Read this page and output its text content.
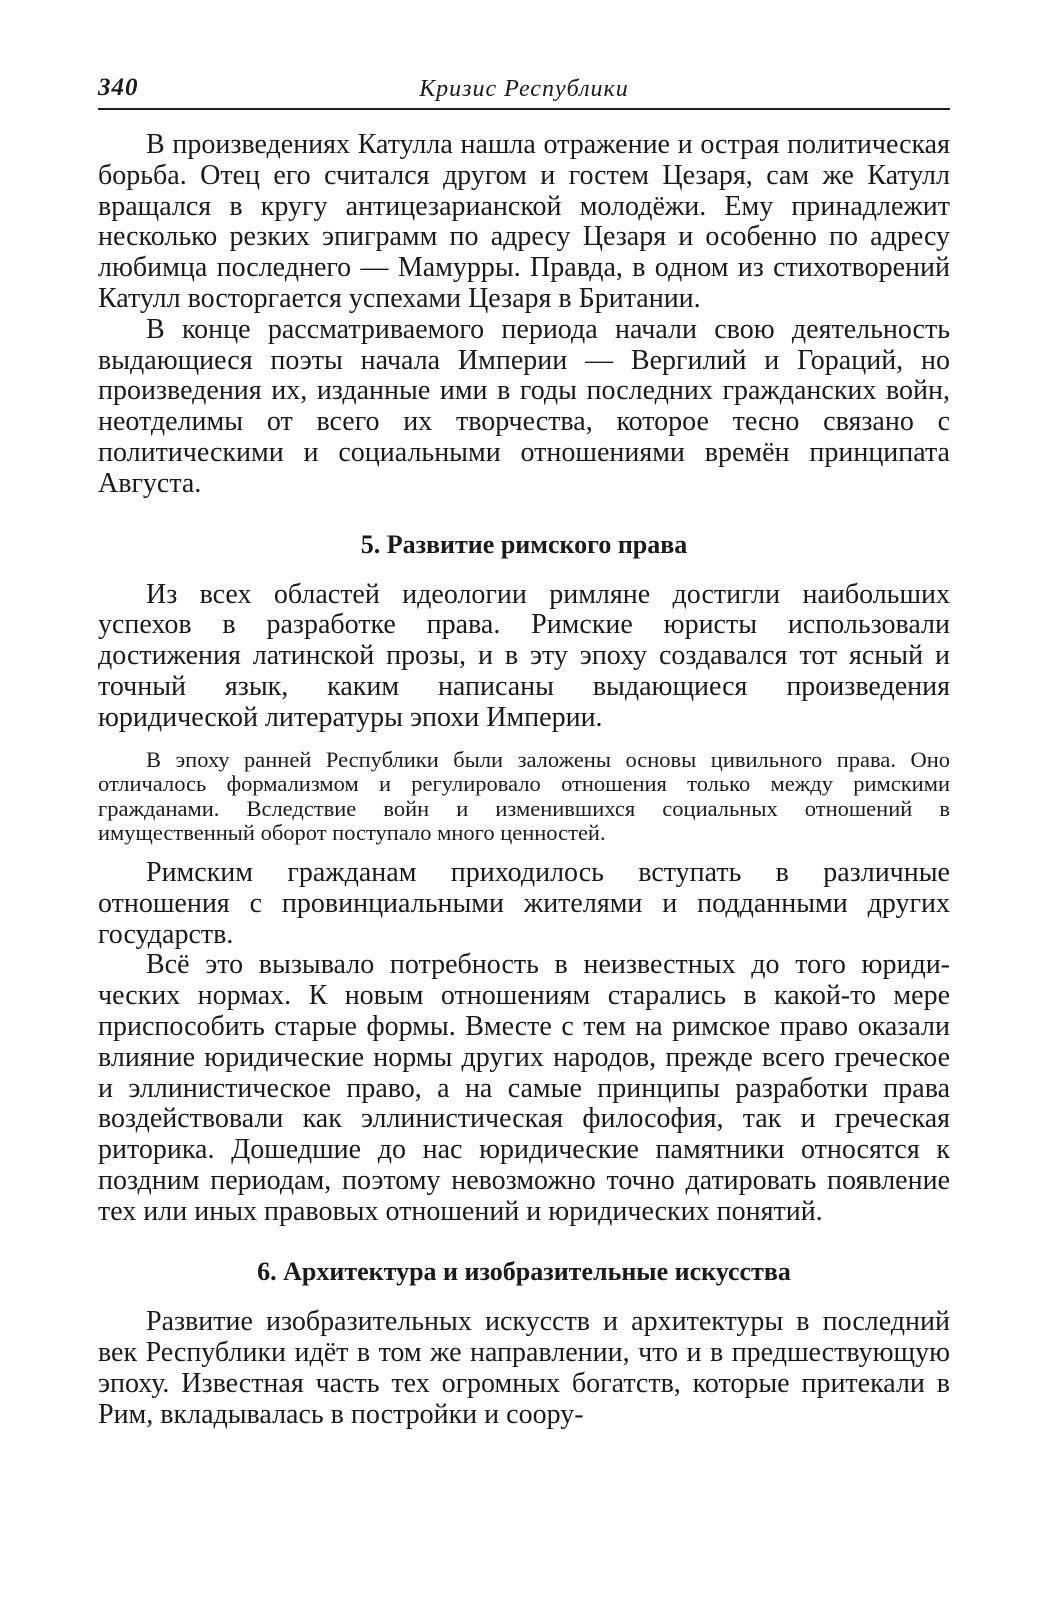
340	Кризис Республики

В произведениях Катулла нашла отражение и острая политическая борьба. Отец его считался другом и гостем Цезаря, сам же Катулл вращался в кругу антицезарианской молодёжи. Ему принадлежит несколько резких эпиграмм по адресу Цезаря и особенно по адресу любимца последнего — Мамурры. Правда, в одном из стихотворений Катулл восторгается успехами Цезаря в Британии.

В конце рассматриваемого периода начали свою деятельность выдающиеся поэты начала Империи — Вергилий и Гораций, но произведения их, изданные ими в годы последних гражданских войн, неотделимы от всего их творчества, которое тесно связано с политическими и социальными отношениями времён принципата Августа.

5. Развитие римского права

Из всех областей идеологии римляне достигли наибольших успехов в разработке права. Римские юристы использовали достижения латинской прозы, и в эту эпоху создавался тот ясный и точный язык, каким написаны выдающиеся произведения юридической литературы эпохи Империи.

В эпоху ранней Республики были заложены основы цивильного права. Оно отличалось формализмом и регулировало отношения только между римскими гражданами. Вследствие войн и изменившихся социальных отношений в имущественный оборот поступало много ценностей.

Римским гражданам приходилось вступать в различные отношения с провинциальными жителями и подданными других государств.

Всё это вызывало потребность в неизвестных до того юридических нормах. К новым отношениям старались в какой-то мере приспособить старые формы. Вместе с тем на римское право оказали влияние юридические нормы других народов, прежде всего греческое и эллинистическое право, а на самые принципы разработки права воздействовали как эллинистическая философия, так и греческая риторика. Дошедшие до нас юридические памятники относятся к поздним периодам, поэтому невозможно точно датировать появление тех или иных правовых отношений и юридических понятий.

6. Архитектура и изобразительные искусства

Развитие изобразительных искусств и архитектуры в последний век Республики идёт в том же направлении, что и в предшествующую эпоху. Известная часть тех огромных богатств, которые притекали в Рим, вкладывалась в постройки и соору-
